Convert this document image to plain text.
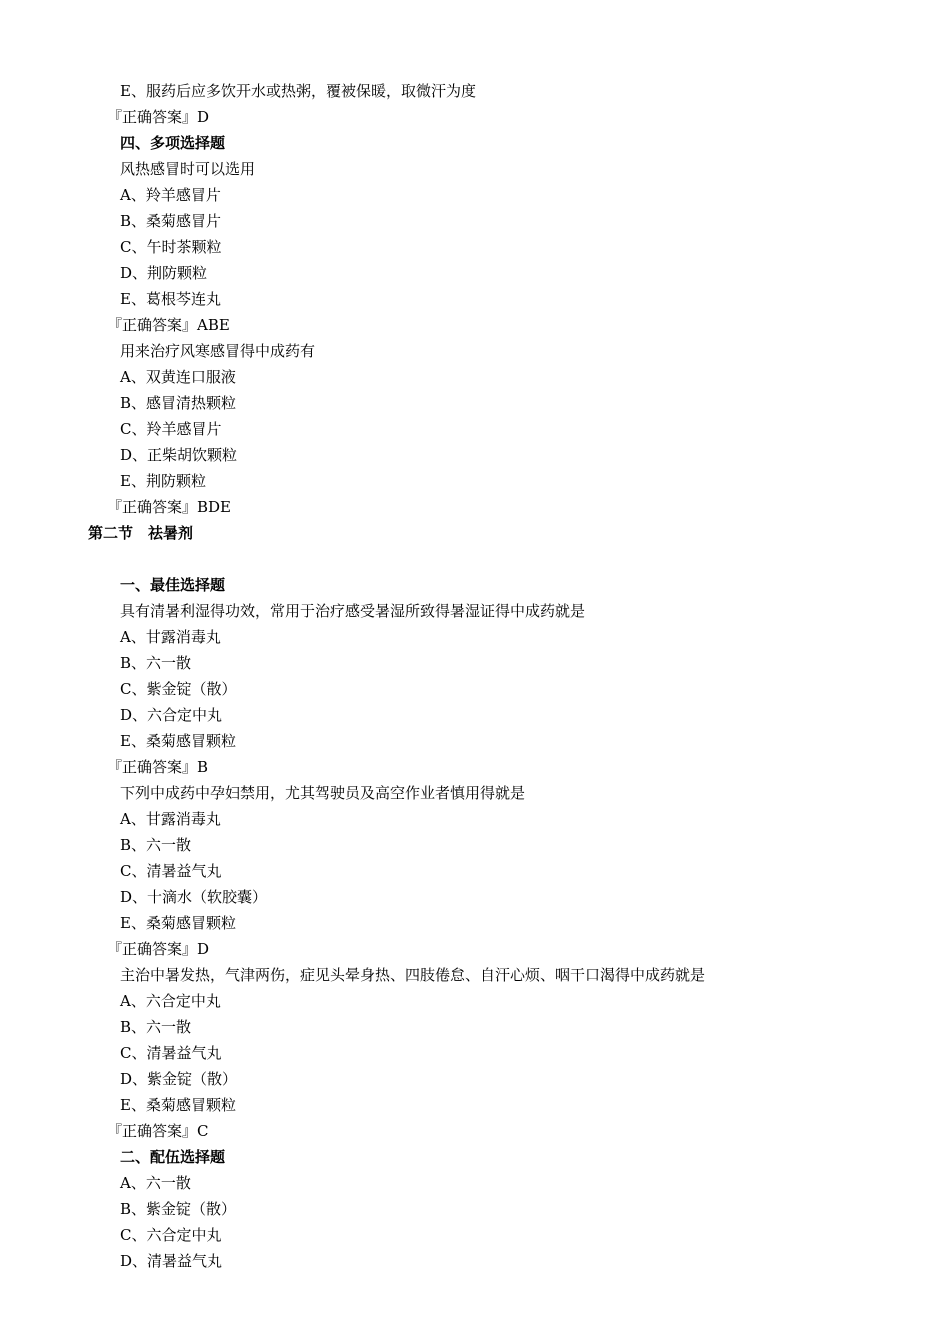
E、服药后应多饮开水或热粥，覆被保暖，取微汗为度
『正确答案』D
四、多项选择题
风热感冒时可以选用
A、羚羊感冒片
B、桑菊感冒片
C、午时茶颗粒
D、荆防颗粒
E、葛根芩连丸
『正确答案』ABE
用来治疗风寒感冒得中成药有
A、双黄连口服液
B、感冒清热颗粒
C、羚羊感冒片
D、正柴胡饮颗粒
E、荆防颗粒
『正确答案』BDE
第二节　祛暑剂
一、最佳选择题
具有清暑利湿得功效，常用于治疗感受暑湿所致得暑湿证得中成药就是
A、甘露消毒丸
B、六一散
C、紫金锭（散）
D、六合定中丸
E、桑菊感冒颗粒
『正确答案』B
下列中成药中孕妇禁用，尤其驾驶员及高空作业者慎用得就是
A、甘露消毒丸
B、六一散
C、清暑益气丸
D、十滴水（软胶囊）
E、桑菊感冒颗粒
『正确答案』D
主治中暑发热，气津两伤，症见头晕身热、四肢倦怠、自汗心烦、咽干口渴得中成药就是
A、六合定中丸
B、六一散
C、清暑益气丸
D、紫金锭（散）
E、桑菊感冒颗粒
『正确答案』C
二、配伍选择题
A、六一散
B、紫金锭（散）
C、六合定中丸
D、清暑益气丸
